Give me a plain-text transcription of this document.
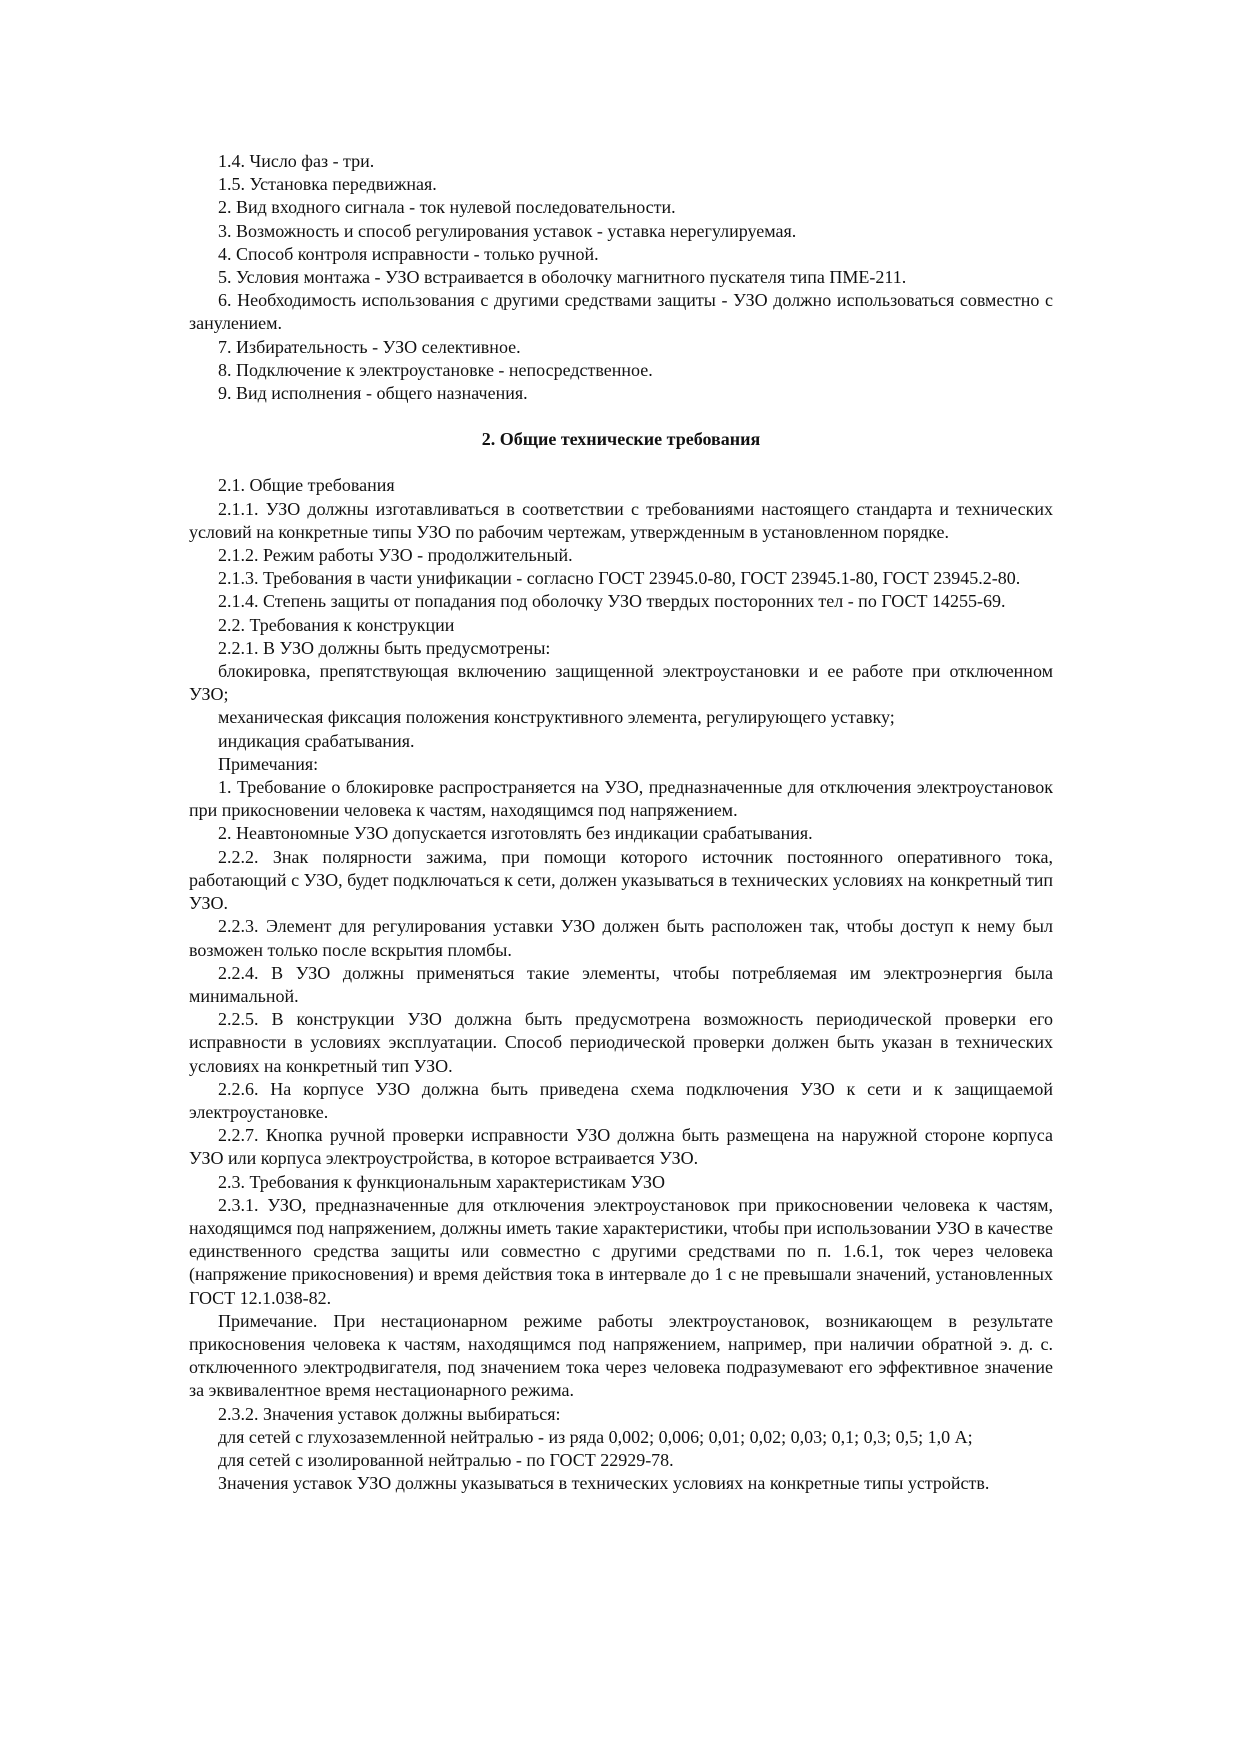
1.4. Число фаз - три.

1.5. Установка передвижная.

2. Вид входного сигнала - ток нулевой последовательности.

3. Возможность и способ регулирования уставок - уставка нерегулируемая.

4. Способ контроля исправности - только ручной.

5. Условия монтажа - УЗО встраивается в оболочку магнитного пускателя типа ПМЕ-211.

6. Необходимость использования с другими средствами защиты - УЗО должно использоваться совместно с занулением.

7. Избирательность - УЗО селективное.

8. Подключение к электроустановке - непосредственное.

9. Вид исполнения - общего назначения.

2. Общие технические требования

2.1. Общие требования

2.1.1. УЗО должны изготавливаться в соответствии с требованиями настоящего стандарта и технических условий на конкретные типы УЗО по рабочим чертежам, утвержденным в установленном порядке.

2.1.2. Режим работы УЗО - продолжительный.

2.1.3. Требования в части унификации - согласно ГОСТ 23945.0-80, ГОСТ 23945.1-80, ГОСТ 23945.2-80.

2.1.4. Степень защиты от попадания под оболочку УЗО твердых посторонних тел - по ГОСТ 14255-69.

2.2. Требования к конструкции

2.2.1. В УЗО должны быть предусмотрены:

блокировка, препятствующая включению защищенной электроустановки и ее работе при отключенном УЗО;

механическая фиксация положения конструктивного элемента, регулирующего уставку;

индикация срабатывания.

Примечания:

1. Требование о блокировке распространяется на УЗО, предназначенные для отключения электроустановок при прикосновении человека к частям, находящимся под напряжением.

2. Неавтономные УЗО допускается изготовлять без индикации срабатывания.

2.2.2. Знак полярности зажима, при помощи которого источник постоянного оперативного тока, работающий с УЗО, будет подключаться к сети, должен указываться в технических условиях на конкретный тип УЗО.

2.2.3. Элемент для регулирования уставки УЗО должен быть расположен так, чтобы доступ к нему был возможен только после вскрытия пломбы.

2.2.4. В УЗО должны применяться такие элементы, чтобы потребляемая им электроэнергия была минимальной.

2.2.5. В конструкции УЗО должна быть предусмотрена возможность периодической проверки его исправности в условиях эксплуатации. Способ периодической проверки должен быть указан в технических условиях на конкретный тип УЗО.

2.2.6. На корпусе УЗО должна быть приведена схема подключения УЗО к сети и к защищаемой электроустановке.

2.2.7. Кнопка ручной проверки исправности УЗО должна быть размещена на наружной стороне корпуса УЗО или корпуса электроустройства, в которое встраивается УЗО.

2.3. Требования к функциональным характеристикам УЗО

2.3.1. УЗО, предназначенные для отключения электроустановок при прикосновении человека к частям, находящимся под напряжением, должны иметь такие характеристики, чтобы при использовании УЗО в качестве единственного средства защиты или совместно с другими средствами по п. 1.6.1, ток через человека (напряжение прикосновения) и время действия тока в интервале до 1 с не превышали значений, установленных ГОСТ 12.1.038-82.

Примечание. При нестационарном режиме работы электроустановок, возникающем в результате прикосновения человека к частям, находящимся под напряжением, например, при наличии обратной э. д. с. отключенного электродвигателя, под значением тока через человека подразумевают его эффективное значение за эквивалентное время нестационарного режима.

2.3.2. Значения уставок должны выбираться:

для сетей с глухозаземленной нейтралью - из ряда 0,002; 0,006; 0,01; 0,02; 0,03; 0,1; 0,3; 0,5; 1,0 А;

для сетей с изолированной нейтралью - по ГОСТ 22929-78.

Значения уставок УЗО должны указываться в технических условиях на конкретные типы устройств.
